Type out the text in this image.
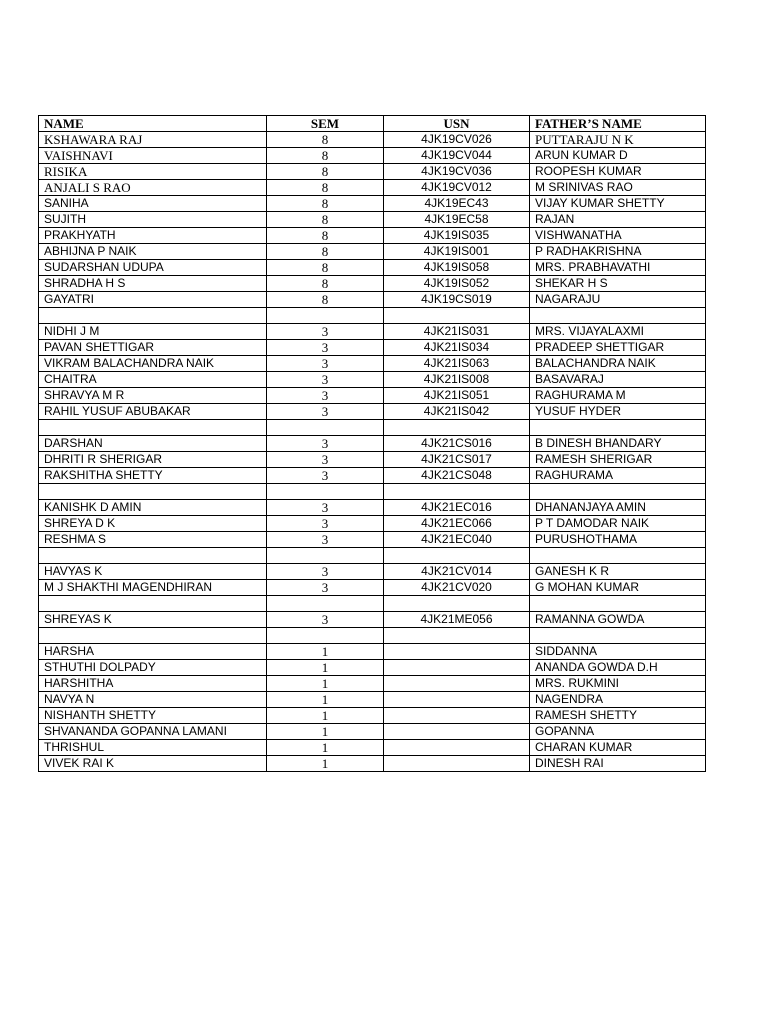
NAME	SEM	USN	FATHER’S NAME
KSHAWARA RAJ	8	4JK19CV026	PUTTARAJU N K
VAISHNAVI	8	4JK19CV044	ARUN KUMAR D
RISIKA	8	4JK19CV036	ROOPESH KUMAR
ANJALI S RAO	8	4JK19CV012	M SRINIVAS RAO
SANIHA	8	4JK19EC43	VIJAY KUMAR SHETTY
SUJITH	8	4JK19EC58	RAJAN
PRAKHYATH	8	4JK19IS035	VISHWANATHA
ABHIJNA P NAIK	8	4JK19IS001	P RADHAKRISHNA
SUDARSHAN UDUPA	8	4JK19IS058	MRS. PRABHAVATHI
SHRADHA H S	8	4JK19IS052	SHEKAR H S
GAYATRI	8	4JK19CS019	NAGARAJU

NIDHI J M	3	4JK21IS031	MRS. VIJAYALAXMI
PAVAN SHETTIGAR	3	4JK21IS034	PRADEEP SHETTIGAR
VIKRAM BALACHANDRA NAIK	3	4JK21IS063	BALACHANDRA NAIK
CHAITRA	3	4JK21IS008	BASAVARAJ
SHRAVYA M R	3	4JK21IS051	RAGHURAMA M
RAHIL YUSUF ABUBAKAR	3	4JK21IS042	YUSUF HYDER

DARSHAN	3	4JK21CS016	B DINESH BHANDARY
DHRITI R SHERIGAR	3	4JK21CS017	RAMESH SHERIGAR
RAKSHITHA SHETTY	3	4JK21CS048	RAGHURAMA

KANISHK D AMIN	3	4JK21EC016	DHANANJAYA AMIN
SHREYA D K	3	4JK21EC066	P T DAMODAR NAIK
RESHMA S	3	4JK21EC040	PURUSHOTHAMA

HAVYAS K	3	4JK21CV014	GANESH K R
M J SHAKTHI MAGENDHIRAN	3	4JK21CV020	G MOHAN KUMAR

SHREYAS K	3	4JK21ME056	RAMANNA GOWDA

HARSHA	1		SIDDANNA
STHUTHI DOLPADY	1		ANANDA GOWDA D.H
HARSHITHA	1		MRS. RUKMINI
NAVYA N	1		NAGENDRA
NISHANTH SHETTY	1		RAMESH SHETTY
SHVANANDA GOPANNA LAMANI	1		GOPANNA
THRISHUL	1		CHARAN KUMAR
VIVEK RAI K	1		DINESH RAI
